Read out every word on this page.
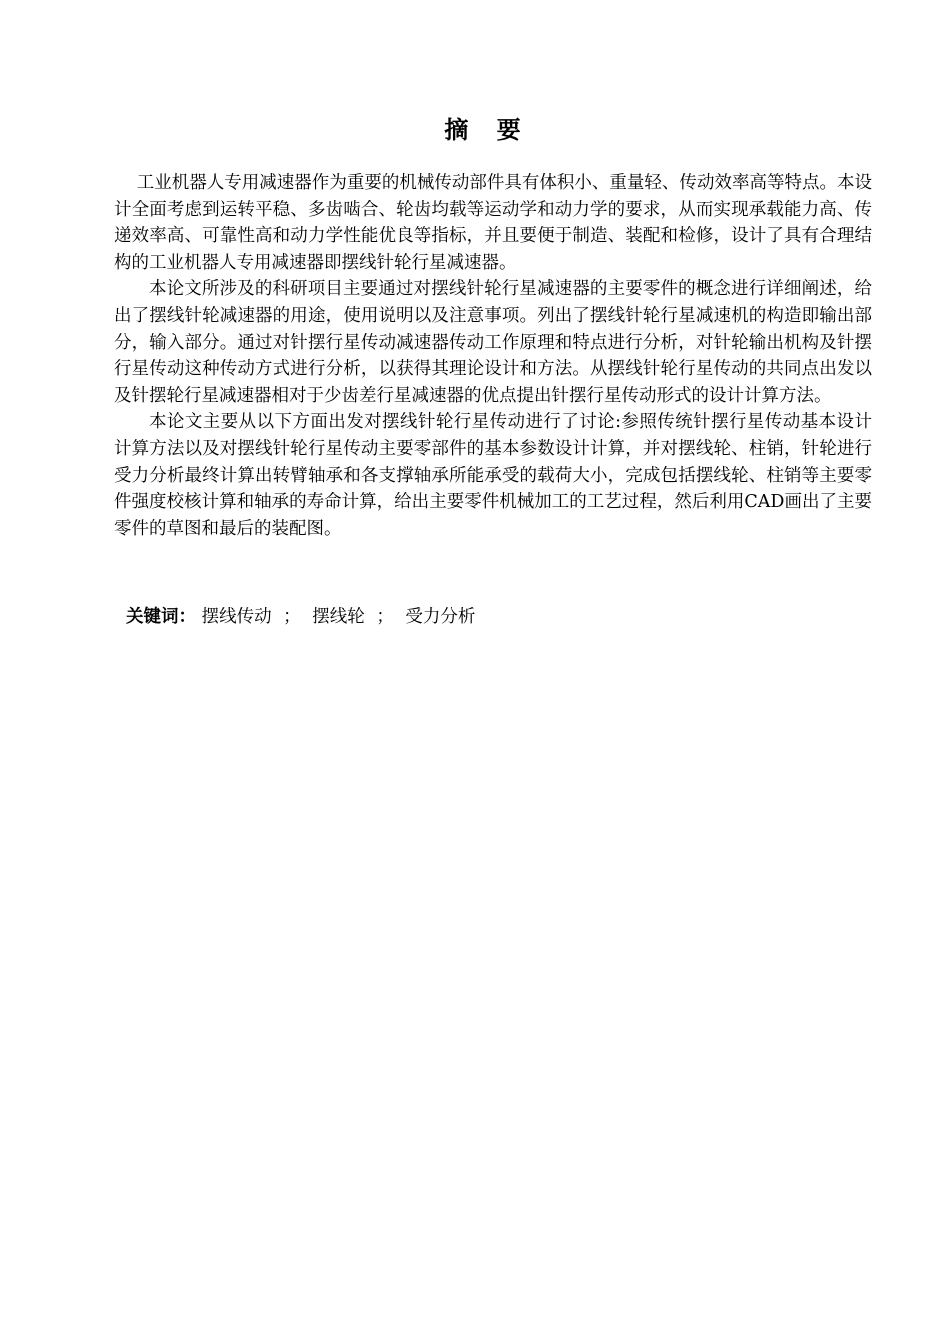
摘 要

工业机器人专用减速器作为重要的机械传动部件具有体积小、重量轻、传动效率高等特点。本设计全面考虑到运转平稳、多齿啮合、轮齿均载等运动学和动力学的要求，从而实现承载能力高、传递效率高、可靠性高和动力学性能优良等指标，并且要便于制造、装配和检修，设计了具有合理结构的工业机器人专用减速器即摆线针轮行星减速器。

本论文所涉及的科研项目主要通过对摆线针轮行星减速器的主要零件的概念进行详细阐述，给出了摆线针轮减速器的用途，使用说明以及注意事项。列出了摆线针轮行星减速机的构造即输出部分，输入部分。通过对针摆行星传动减速器传动工作原理和特点进行分析，对针轮输出机构及针摆行星传动这种传动方式进行分析，以获得其理论设计和方法。从摆线针轮行星传动的共同点出发以及针摆轮行星减速器相对于少齿差行星减速器的优点提出针摆行星传动形式的设计计算方法。

本论文主要从以下方面出发对摆线针轮行星传动进行了讨论:参照传统针摆行星传动基本设计计算方法以及对摆线针轮行星传动主要零部件的基本参数设计计算，并对摆线轮、柱销，针轮进行受力分析最终计算出转臂轴承和各支撑轴承所能承受的载荷大小，完成包括摆线轮、柱销等主要零件强度校核计算和轴承的寿命计算，给出主要零件机械加工的工艺过程，然后利用CAD画出了主要零件的草图和最后的装配图。

关键词： 摆线传动 ； 摆线轮 ； 受力分析
